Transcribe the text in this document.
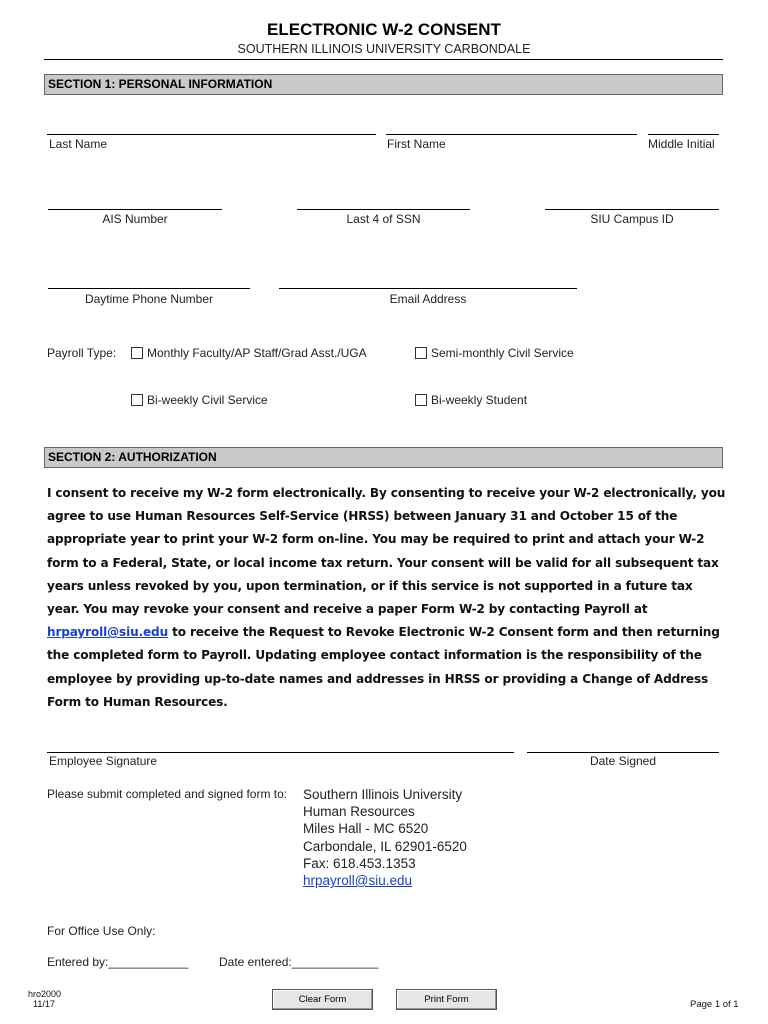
ELECTRONIC W-2 CONSENT
SOUTHERN ILLINOIS UNIVERSITY CARBONDALE
SECTION 1: PERSONAL INFORMATION
Last Name	First Name	Middle Initial
AIS Number	Last 4 of SSN	SIU Campus ID
Daytime Phone Number	Email Address
Payroll Type:	Monthly Faculty/AP Staff/Grad Asst./UGA	Semi-monthly Civil Service
Bi-weekly Civil Service	Bi-weekly Student
SECTION 2: AUTHORIZATION
I consent to receive my W-2 form electronically. By consenting to receive your W-2 electronically, you agree to use Human Resources Self-Service (HRSS) between January 31 and October 15 of the appropriate year to print your W-2 form on-line. You may be required to print and attach your W-2 form to a Federal, State, or local income tax return. Your consent will be valid for all subsequent tax years unless revoked by you, upon termination, or if this service is not supported in a future tax year. You may revoke your consent and receive a paper Form W-2 by contacting Payroll at hrpayroll@siu.edu to receive the Request to Revoke Electronic W-2 Consent form and then returning the completed form to Payroll. Updating employee contact information is the responsibility of the employee by providing up-to-date names and addresses in HRSS or providing a Change of Address Form to Human Resources.
Employee Signature	Date Signed
Please submit completed and signed form to: Southern Illinois University
Human Resources
Miles Hall - MC 6520
Carbondale, IL 62901-6520
Fax: 618.453.1353
hrpayroll@siu.edu
For Office Use Only:
Entered by:____________	Date entered:_____________
hro2000
11/17	Clear Form	Print Form	Page 1 of 1
